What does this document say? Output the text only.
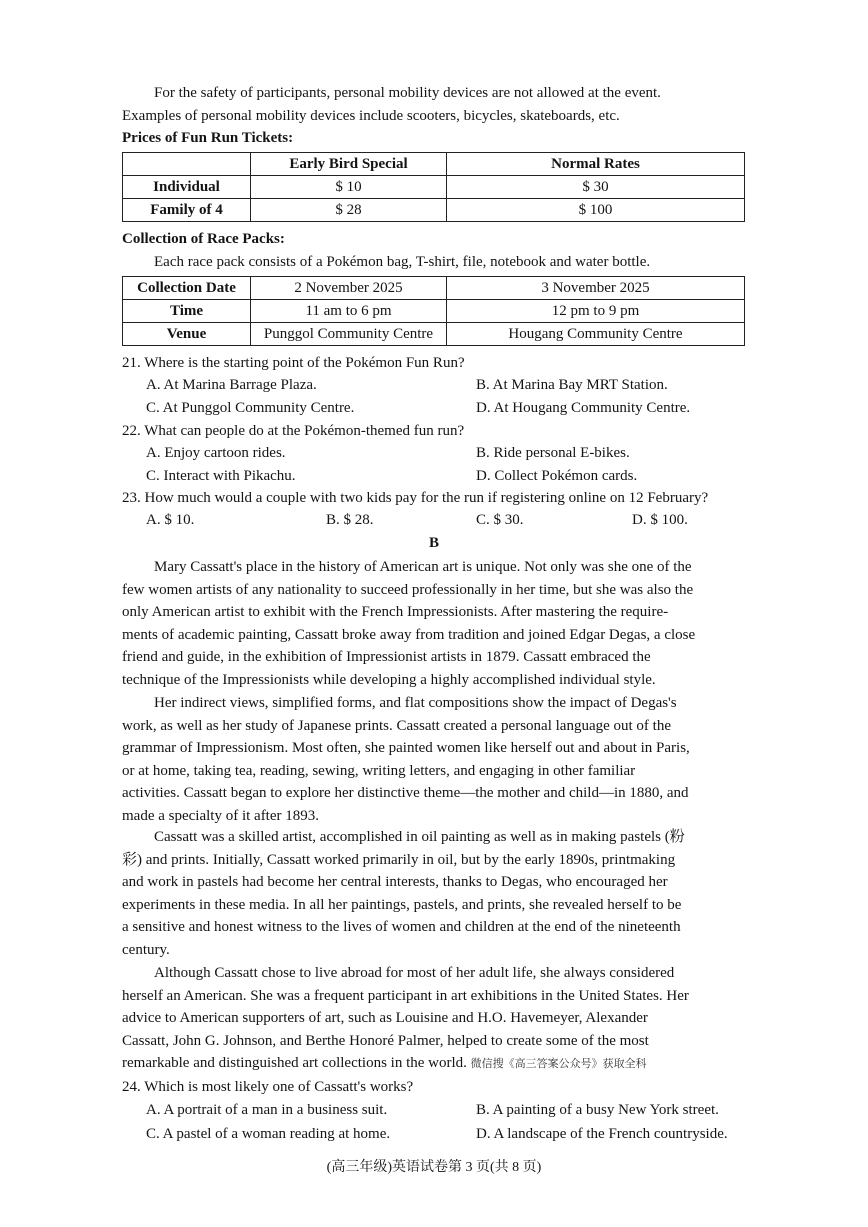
For the safety of participants, personal mobility devices are not allowed at the event.
Examples of personal mobility devices include scooters, bicycles, skateboards, etc.
Prices of Fun Run Tickets:
	Early Bird Special	Normal Rates
Individual	$ 10	$ 30
Family of 4	$ 28	$ 100
Collection of Race Packs:
Each race pack consists of a Pokémon bag, T-shirt, file, notebook and water bottle.
Collection Date	2 November 2025	3 November 2025
Time	11 am to 6 pm	12 pm to 9 pm
Venue	Punggol Community Centre	Hougang Community Centre
21. Where is the starting point of the Pokémon Fun Run?
A. At Marina Barrage Plaza.	B. At Marina Bay MRT Station.
C. At Punggol Community Centre.	D. At Hougang Community Centre.
22. What can people do at the Pokémon-themed fun run?
A. Enjoy cartoon rides.	B. Ride personal E-bikes.
C. Interact with Pikachu.	D. Collect Pokémon cards.
23. How much would a couple with two kids pay for the run if registering online on 12 February?
A. $ 10.	B. $ 28.	C. $ 30.	D. $ 100.
B
Mary Cassatt's place in the history of American art is unique. Not only was she one of the
few women artists of any nationality to succeed professionally in her time, but she was also the
only American artist to exhibit with the French Impressionists. After mastering the require-
ments of academic painting, Cassatt broke away from tradition and joined Edgar Degas, a close
friend and guide, in the exhibition of Impressionist artists in 1879. Cassatt embraced the
technique of the Impressionists while developing a highly accomplished individual style.
Her indirect views, simplified forms, and flat compositions show the impact of Degas's
work, as well as her study of Japanese prints. Cassatt created a personal language out of the
grammar of Impressionism. Most often, she painted women like herself out and about in Paris,
or at home, taking tea, reading, sewing, writing letters, and engaging in other familiar
activities. Cassatt began to explore her distinctive theme—the mother and child—in 1880, and
made a specialty of it after 1893.
Cassatt was a skilled artist, accomplished in oil painting as well as in making pastels (粉
彩) and prints. Initially, Cassatt worked primarily in oil, but by the early 1890s, printmaking
and work in pastels had become her central interests, thanks to Degas, who encouraged her
experiments in these media. In all her paintings, pastels, and prints, she revealed herself to be
a sensitive and honest witness to the lives of women and children at the end of the nineteenth
century.
Although Cassatt chose to live abroad for most of her adult life, she always considered
herself an American. She was a frequent participant in art exhibitions in the United States. Her
advice to American supporters of art, such as Louisine and H.O. Havemeyer, Alexander
Cassatt, John G. Johnson, and Berthe Honoré Palmer, helped to create some of the most
remarkable and distinguished art collections in the world. 微信搜《高三答案公众号》获取全科
24. Which is most likely one of Cassatt's works?
A. A portrait of a man in a business suit.	B. A painting of a busy New York street.
C. A pastel of a woman reading at home.	D. A landscape of the French countryside.
(高三年级)英语试卷第 3 页(共 8 页)
